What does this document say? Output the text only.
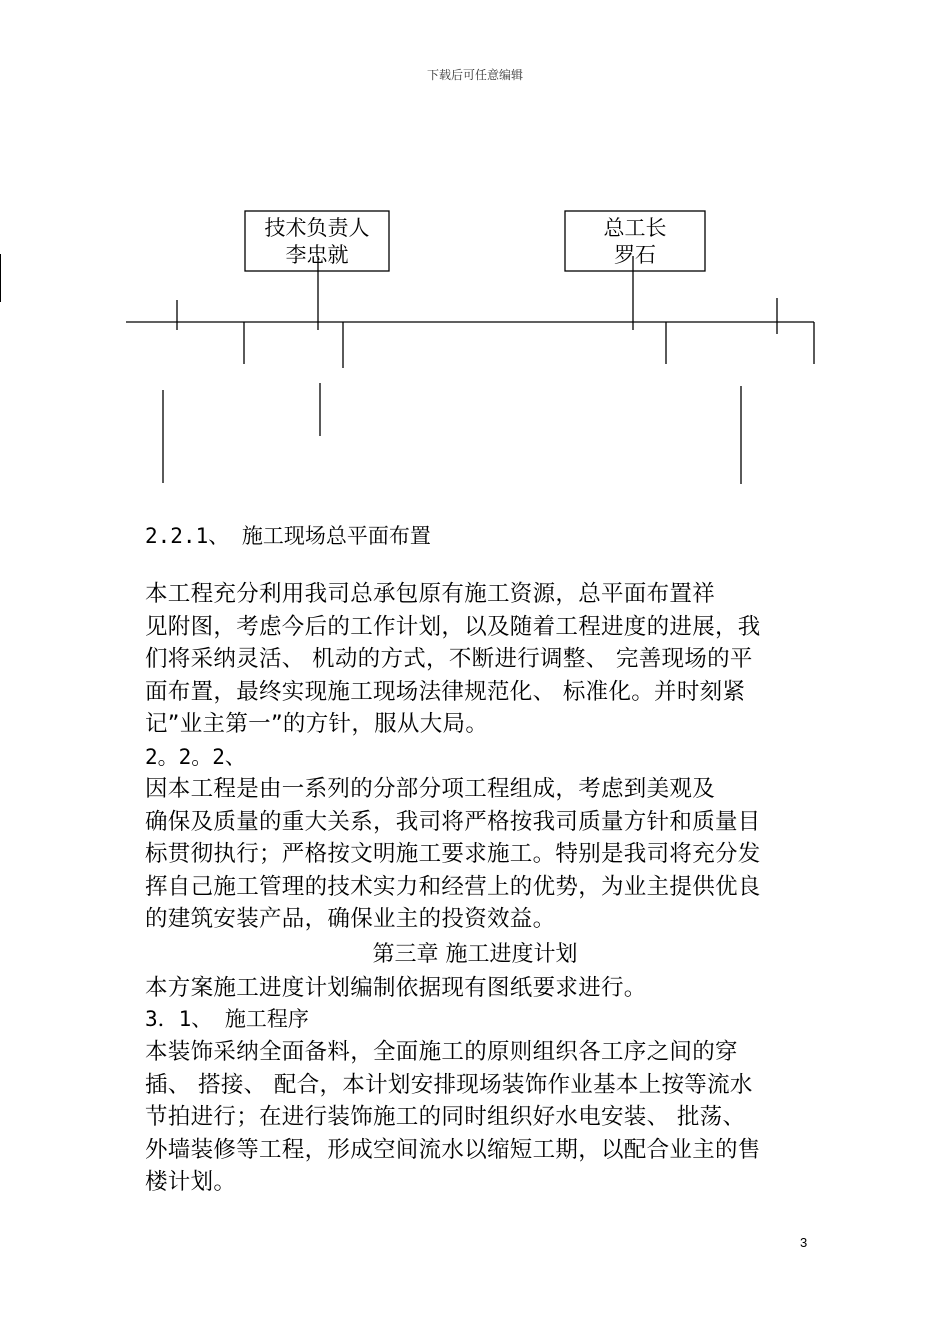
下载后可任意编辑
技术负责人
李忠就
总工长
罗石
2.2.1、 施工现场总平面布置
本工程充分利用我司总承包原有施工资源，总平面布置祥
见附图，考虑今后的工作计划，以及随着工程进度的进展，我
们将采纳灵活、 机动的方式，不断进行调整、 完善现场的平
面布置，最终实现施工现场法律规范化、 标准化。并时刻紧
记”业主第一”的方针，服从大局。
2。2。2、
因本工程是由一系列的分部分项工程组成，考虑到美观及
确保及质量的重大关系，我司将严格按我司质量方针和质量目
标贯彻执行；严格按文明施工要求施工。特别是我司将充分发
挥自己施工管理的技术实力和经营上的优势，为业主提供优良
的建筑安装产品，确保业主的投资效益。
第三章 施工进度计划
本方案施工进度计划编制依据现有图纸要求进行。
3．1、 施工程序
本装饰采纳全面备料，全面施工的原则组织各工序之间的穿
插、 搭接、 配合，本计划安排现场装饰作业基本上按等流水
节拍进行；在进行装饰施工的同时组织好水电安装、 批荡、
外墙装修等工程，形成空间流水以缩短工期，以配合业主的售
楼计划。
3
